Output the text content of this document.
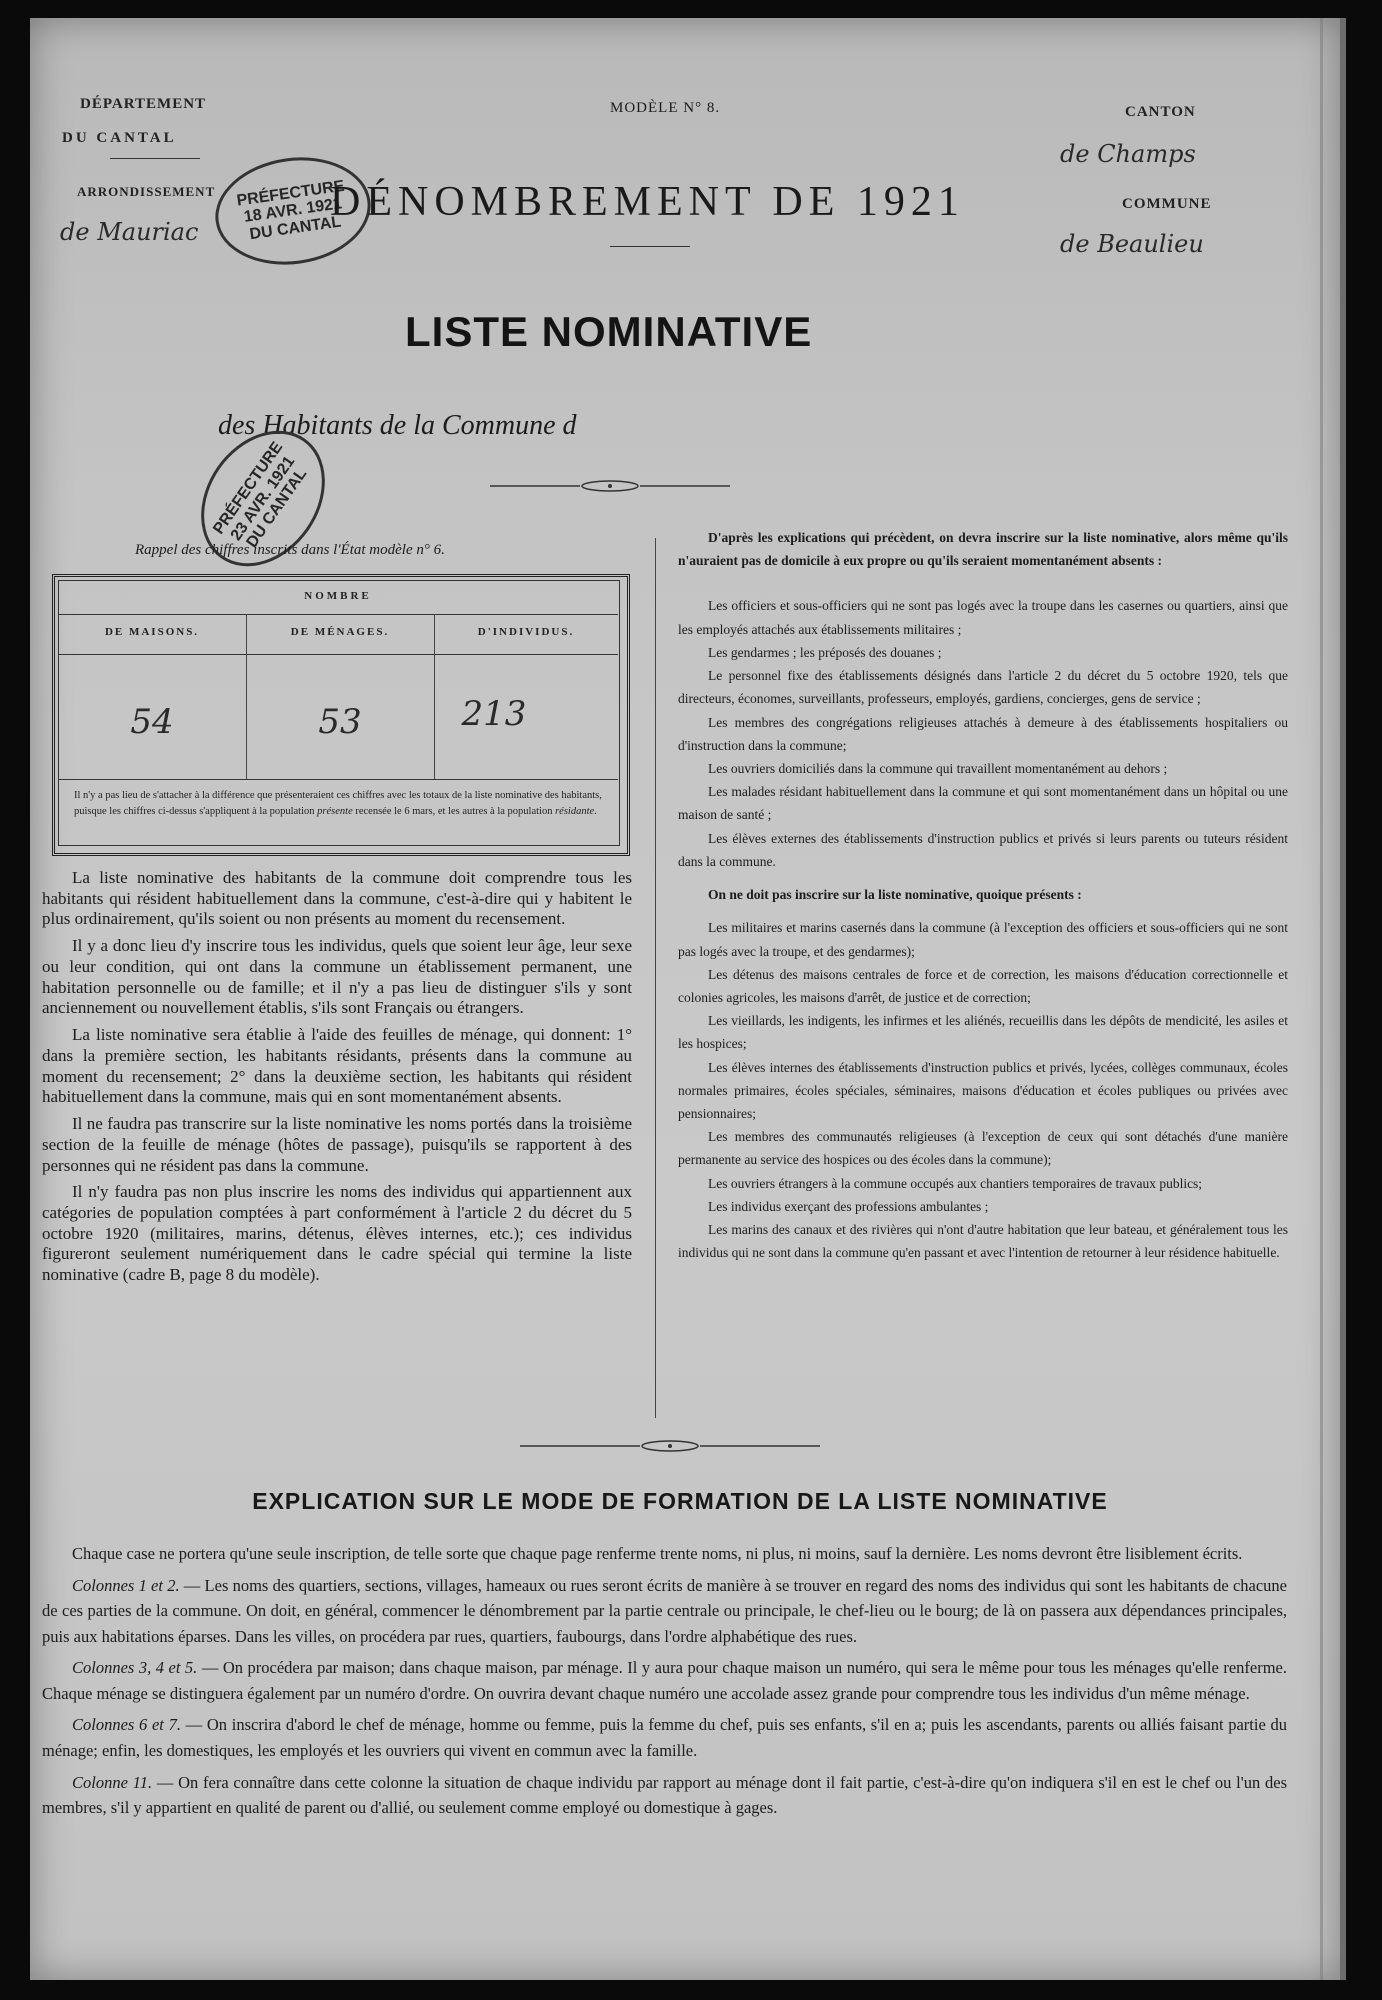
DÉPARTEMENT
DU CANTAL
ARRONDISSEMENT
de Mauriac
MODÈLE N° 8.	CANTON
de Champs
COMMUNE
de Beaulieu
PRÉFECTURE 18 AVR. 1921 DU CANTAL
DÉNOMBREMENT DE 1921
LISTE NOMINATIVE
des Habitants de la Commune d
PRÉFECTURE 23 AVR. 1921 DU CANTAL
Rappel des chiffres inscrits dans l'État modèle n° 6.
NOMBRE
DE MAISONS.	DE MÉNAGES.	D'INDIVIDUS.
54	53	213
Il n'y a pas lieu de s'attacher à la différence que présenteraient ces chiffres avec les totaux de la liste nominative des habitants, puisque les chiffres ci-dessus s'appliquent à la population présente recensée le 6 mars, et les autres à la population résidante.

La liste nominative des habitants de la commune doit comprendre tous les habitants qui résident habituellement dans la commune, c'est-à-dire qui y habitent le plus ordinairement, qu'ils soient ou non présents au moment du recensement.

Il y a donc lieu d'y inscrire tous les individus, quels que soient leur âge, leur sexe ou leur condition, qui ont dans la commune un établissement permanent, une habitation personnelle ou de famille; et il n'y a pas lieu de distinguer s'ils y sont anciennement ou nouvellement établis, s'ils sont Français ou étrangers.

La liste nominative sera établie à l'aide des feuilles de ménage, qui donnent: 1° dans la première section, les habitants résidants, présents dans la commune au moment du recensement; 2° dans la deuxième section, les habitants qui résident habituellement dans la commune, mais qui en sont momentanément absents.

Il ne faudra pas transcrire sur la liste nominative les noms portés dans la troisième section de la feuille de ménage (hôtes de passage), puisqu'ils se rapportent à des personnes qui ne résident pas dans la commune.

Il n'y faudra pas non plus inscrire les noms des individus qui appartiennent aux catégories de population comptées à part conformément à l'article 2 du décret du 5 octobre 1920 (militaires, marins, détenus, élèves internes, etc.); ces individus figureront seulement numériquement dans le cadre spécial qui termine la liste nominative (cadre B, page 8 du modèle).

D'après les explications qui précèdent, on devra inscrire sur la liste nominative, alors même qu'ils n'auraient pas de domicile à eux propre ou qu'ils seraient momentanément absents :

Les officiers et sous-officiers qui ne sont pas logés avec la troupe dans les casernes ou quartiers, ainsi que les employés attachés aux établissements militaires ;

Les gendarmes ; les préposés des douanes ;

Le personnel fixe des établissements désignés dans l'article 2 du décret du 5 octobre 1920, tels que directeurs, économes, surveillants, professeurs, employés, gardiens, concierges, gens de service ;

Les membres des congrégations religieuses attachés à demeure à des établissements hospitaliers ou d'instruction dans la commune;

Les ouvriers domiciliés dans la commune qui travaillent momentanément au dehors ;

Les malades résidant habituellement dans la commune et qui sont momentanément dans un hôpital ou une maison de santé ;

Les élèves externes des établissements d'instruction publics et privés si leurs parents ou tuteurs résident dans la commune.

On ne doit pas inscrire sur la liste nominative, quoique présents :

Les militaires et marins casernés dans la commune (à l'exception des officiers et sous-officiers qui ne sont pas logés avec la troupe, et des gendarmes);

Les détenus des maisons centrales de force et de correction, les maisons d'éducation correctionnelle et colonies agricoles, les maisons d'arrêt, de justice et de correction;

Les vieillards, les indigents, les infirmes et les aliénés, recueillis dans les dépôts de mendicité, les asiles et les hospices;

Les élèves internes des établissements d'instruction publics et privés, lycées, collèges communaux, écoles normales primaires, écoles spéciales, séminaires, maisons d'éducation et écoles publiques ou privées avec pensionnaires;

Les membres des communautés religieuses (à l'exception de ceux qui sont détachés d'une manière permanente au service des hospices ou des écoles dans la commune);

Les ouvriers étrangers à la commune occupés aux chantiers temporaires de travaux publics;

Les individus exerçant des professions ambulantes ;

Les marins des canaux et des rivières qui n'ont d'autre habitation que leur bateau, et généralement tous les individus qui ne sont dans la commune qu'en passant et avec l'intention de retourner à leur résidence habituelle.

EXPLICATION SUR LE MODE DE FORMATION DE LA LISTE NOMINATIVE

Chaque case ne portera qu'une seule inscription, de telle sorte que chaque page renferme trente noms, ni plus, ni moins, sauf la dernière. Les noms devront être lisiblement écrits.

Colonnes 1 et 2. — Les noms des quartiers, sections, villages, hameaux ou rues seront écrits de manière à se trouver en regard des noms des individus qui sont les habitants de chacune de ces parties de la commune. On doit, en général, commencer le dénombrement par la partie centrale ou principale, le chef-lieu ou le bourg; de là on passera aux dépendances principales, puis aux habitations éparses. Dans les villes, on procédera par rues, quartiers, faubourgs, dans l'ordre alphabétique des rues.

Colonnes 3, 4 et 5. — On procédera par maison; dans chaque maison, par ménage. Il y aura pour chaque maison un numéro, qui sera le même pour tous les ménages qu'elle renferme. Chaque ménage se distinguera également par un numéro d'ordre. On ouvrira devant chaque numéro une accolade assez grande pour comprendre tous les individus d'un même ménage.

Colonnes 6 et 7. — On inscrira d'abord le chef de ménage, homme ou femme, puis la femme du chef, puis ses enfants, s'il en a; puis les ascendants, parents ou alliés faisant partie du ménage; enfin, les domestiques, les employés et les ouvriers qui vivent en commun avec la famille.

Colonne 11. — On fera connaître dans cette colonne la situation de chaque individu par rapport au ménage dont il fait partie, c'est-à-dire qu'on indiquera s'il en est le chef ou l'un des membres, s'il y appartient en qualité de parent ou d'allié, ou seulement comme employé ou domestique à gages.
